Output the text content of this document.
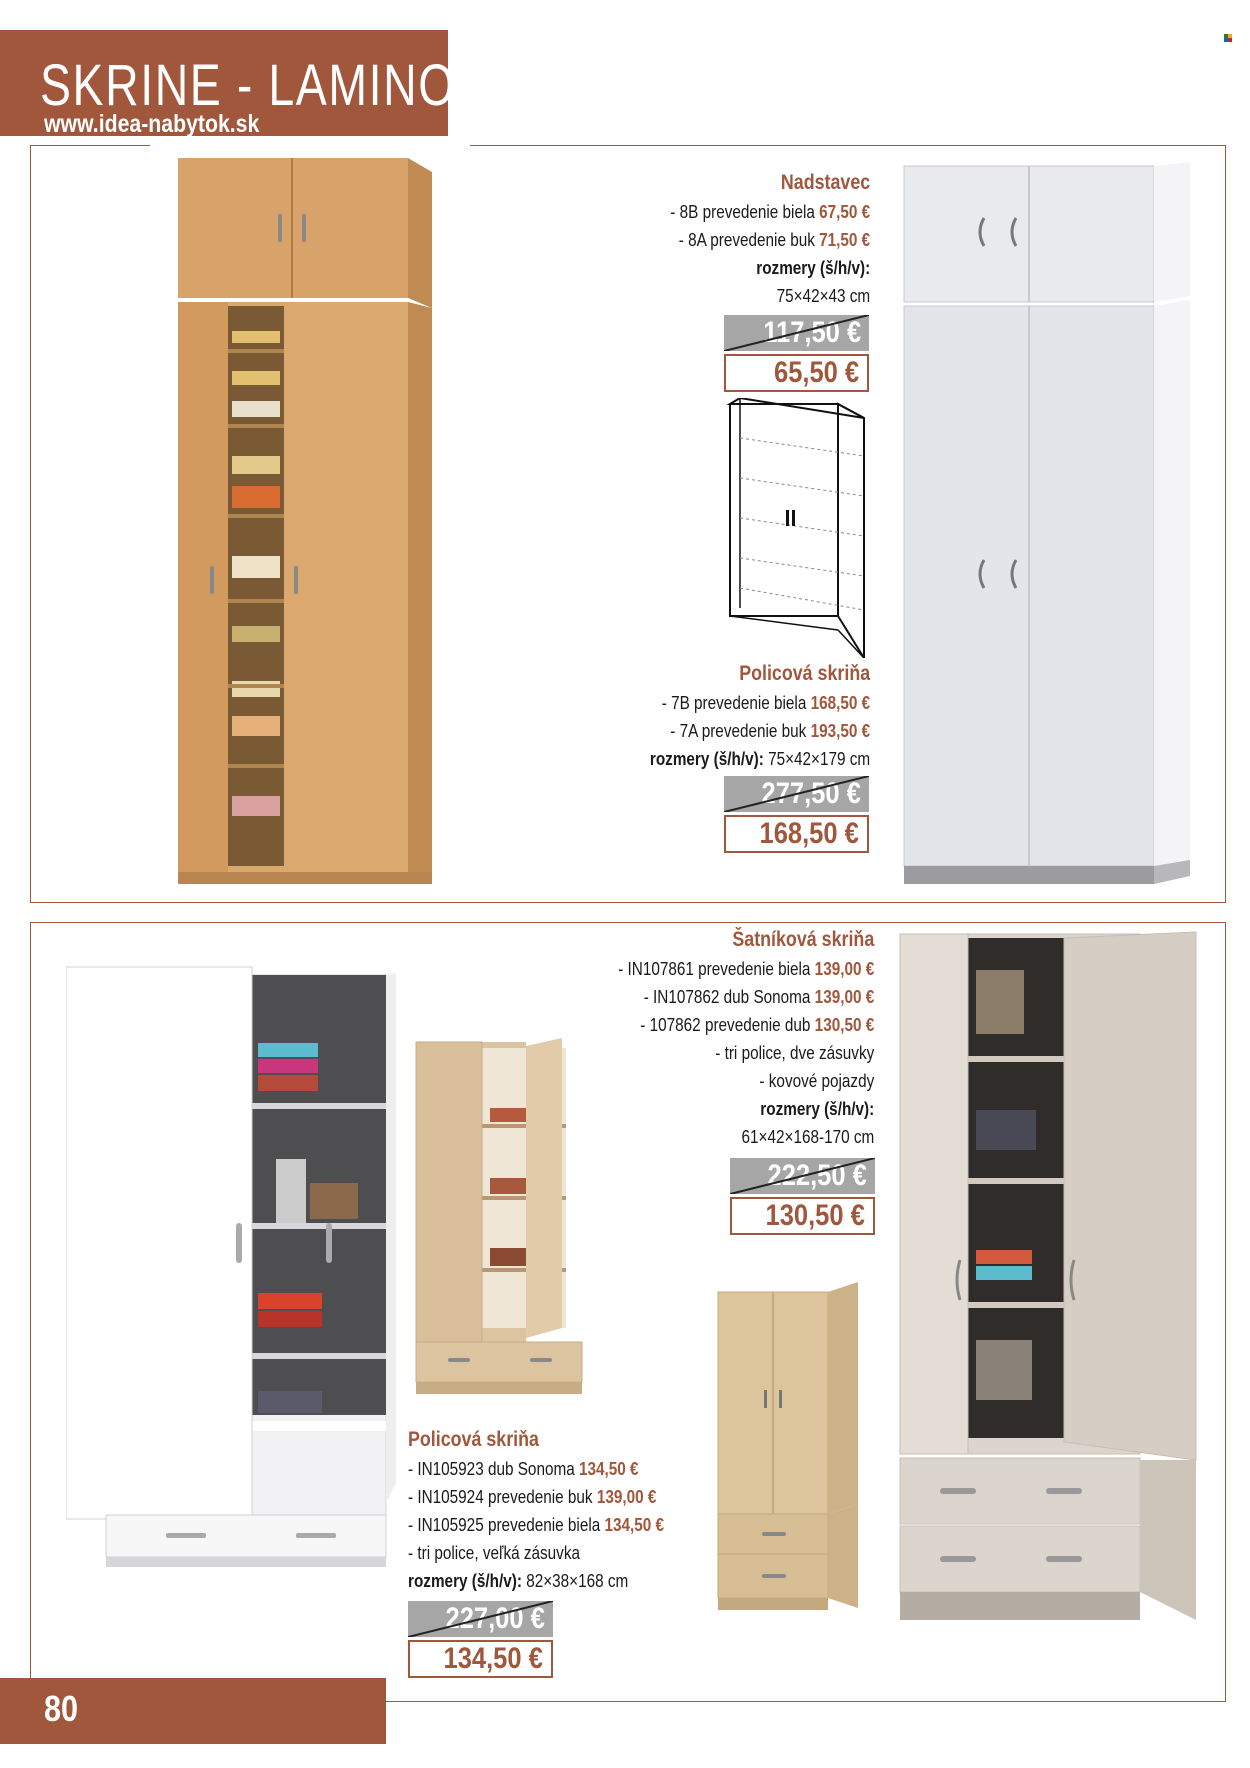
SKRINE - LAMINO
www.idea-nabytok.sk
Nadstavec
- 8B prevedenie biela 67,50 €
- 8A prevedenie buk 71,50 €
rozmery (š/h/v):
75×42×43 cm
117,50 €
65,50 €
Policová skriňa
- 7B prevedenie biela 168,50 €
- 7A prevedenie buk 193,50 €
rozmery (š/h/v): 75×42×179 cm
277,50 €
168,50 €
Šatníková skriňa
- IN107861 prevedenie biela 139,00 €
- IN107862 dub Sonoma 139,00 €
- 107862 prevedenie dub 130,50 €
- tri police, dve zásuvky
- kovové pojazdy
rozmery (š/h/v):
61×42×168-170 cm
222,50 €
130,50 €
Policová skriňa
- IN105923 dub Sonoma 134,50 €
- IN105924 prevedenie buk 139,00 €
- IN105925 prevedenie biela 134,50 €
- tri police, veľká zásuvka
rozmery (š/h/v): 82×38×168 cm
227,00 €
134,50 €
80
